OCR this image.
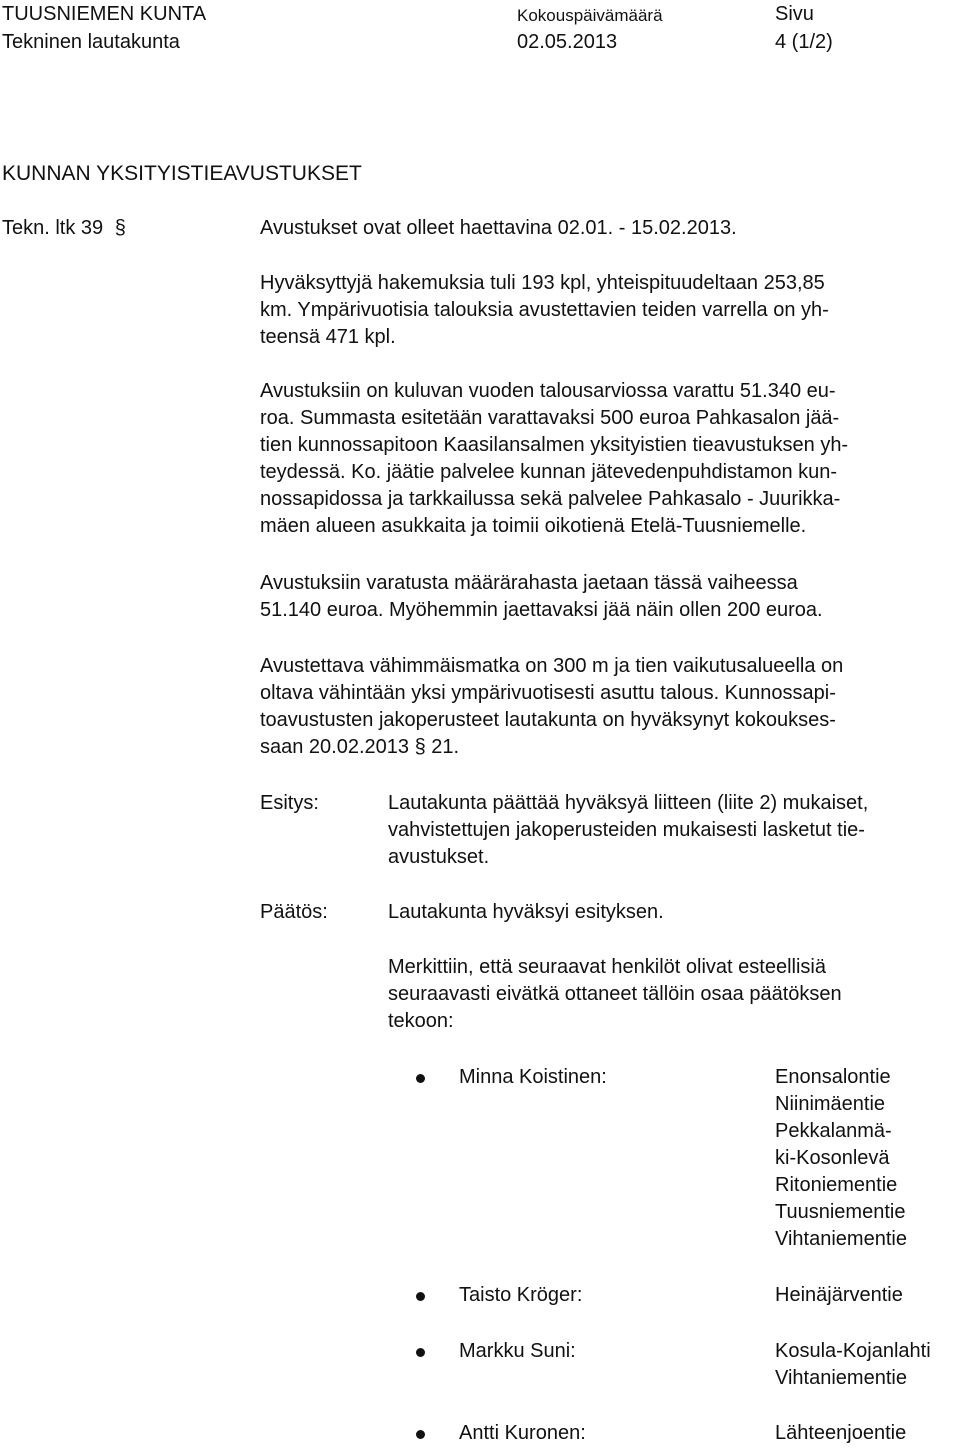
TUUSNIEMEN KUNTA
Tekninen lautakunta
Kokouspäivämäärä
02.05.2013
Sivu
4 (1/2)
KUNNAN YKSITYISTIEAVUSTUKSET
Tekn. ltk 39 §	Avustukset ovat olleet haettavina 02.01. - 15.02.2013.
Hyväksyttyjä hakemuksia tuli 193 kpl, yhteispituudeltaan 253,85
km. Ympärivuotisia talouksia avustettavien teiden varrella on yh-
teensä 471 kpl.
Avustuksiin on kuluvan vuoden talousarviossa varattu 51.340 eu-
roa. Summasta esitetään varattavaksi 500 euroa Pahkasalon jää-
tien kunnossapitoon Kaasilansalmen yksityistien tieavustuksen yh-
teydessä. Ko. jäätie palvelee kunnan jätevedenpuhdistamon kun-
nossapidossa ja tarkkailussa sekä palvelee Pahkasalo - Juurikka-
mäen alueen asukkaita ja toimii oikotienä Etelä-Tuusniemelle.
Avustuksiin varatusta määrärahasta jaetaan tässä vaiheessa
51.140 euroa. Myöhemmin jaettavaksi jää näin ollen 200 euroa.
Avustettava vähimmäismatka on 300 m ja tien vaikutusalueella on
oltava vähintään yksi ympärivuotisesti asuttu talous. Kunnossapi-
toavustusten jakoperusteet lautakunta on hyväksynyt kokoukses-
saan 20.02.2013 § 21.
Esitys:	Lautakunta päättää hyväksyä liitteen (liite 2) mukaiset,
vahvistettujen jakoperusteiden mukaisesti lasketut tie-
avustukset.
Päätös:	Lautakunta hyväksyi esityksen.
Merkittiin, että seuraavat henkilöt olivat esteellisiä
seuraavasti eivätkä ottaneet tällöin osaa päätöksen
tekoon:
Minna Koistinen:	Enonsalontie
Niinimäentie
Pekkalanmä-
ki-Kosonlevä
Ritoniementie
Tuusniementie
Vihtaniementie
Taisto Kröger:	Heinäjärventie
Markku Suni:	Kosula-Kojanlahti
Vihtaniementie
Antti Kuronen:	Lähteenjoentie
